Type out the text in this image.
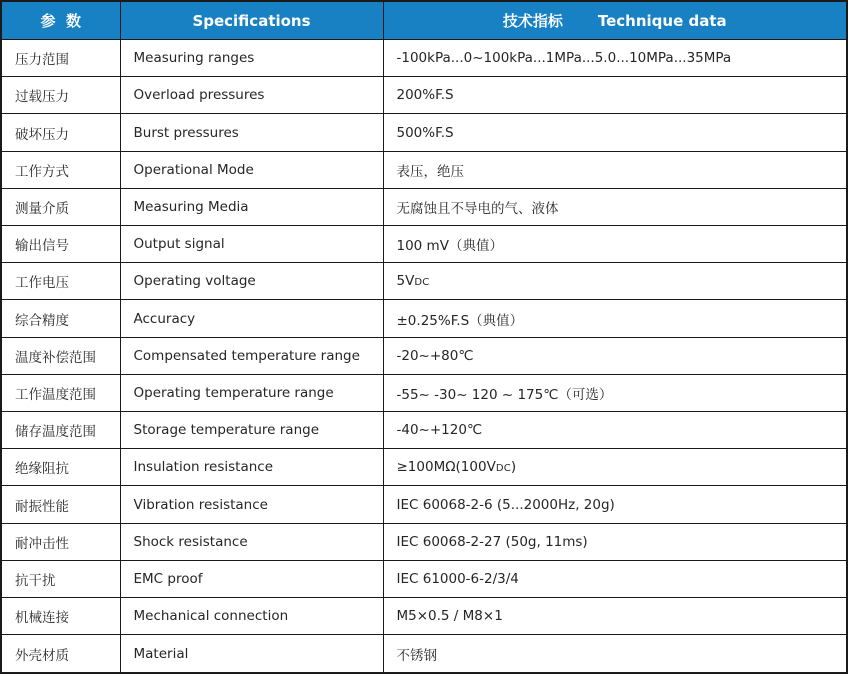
参  数	Specifications	技术指标 Technique data
压力范围	Measuring ranges	-100kPa...0~100kPa...1MPa...5.0...10MPa...35MPa
过载压力	Overload pressures	200%F.S
破坏压力	Burst pressures	500%F.S
工作方式	Operational Mode	表压，绝压
测量介质	Measuring Media	无腐蚀且不导电的气、液体
输出信号	Output signal	100 mV（典值）
工作电压	Operating voltage	5VDC
综合精度	Accuracy	±0.25%F.S（典值）
温度补偿范围	Compensated temperature range	-20~+80℃
工作温度范围	Operating temperature range	-55~ -30~ 120 ~ 175℃（可选）
储存温度范围	Storage temperature range	-40~+120℃
绝缘阻抗	Insulation resistance	≥100MΩ(100VDC)
耐振性能	Vibration resistance	IEC 60068-2-6 (5...2000Hz, 20g)
耐冲击性	Shock resistance	IEC 60068-2-27 (50g, 11ms)
抗干扰	EMC proof	IEC 61000-6-2/3/4
机械连接	Mechanical connection	M5×0.5 / M8×1
外壳材质	Material	不锈钢
